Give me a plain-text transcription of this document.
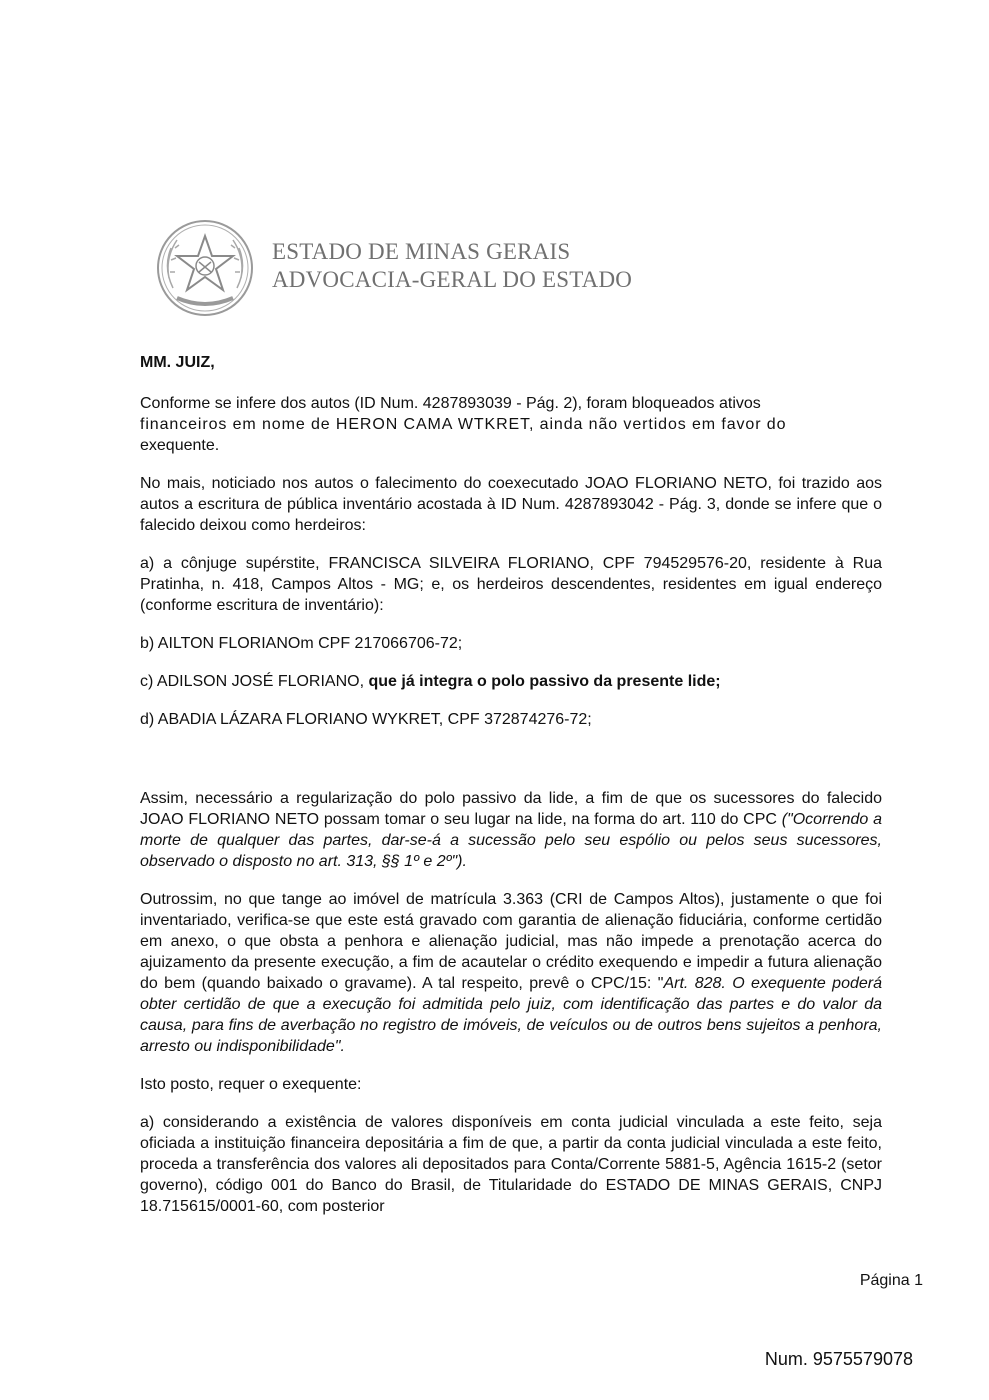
ESTADO DE MINAS GERAIS
ADVOCACIA-GERAL DO ESTADO

MM. JUIZ,

Conforme se infere dos autos (ID Num. 4287893039 - Pág. 2), foram bloqueados ativos
financeiros em nome de HERON CAMA WTKRET, ainda não vertidos em favor do
exequente.

No mais, noticiado nos autos o falecimento do coexecutado JOAO FLORIANO NETO, foi trazido aos autos a escritura de pública inventário acostada à ID Num. 4287893042 - Pág. 3, donde se infere que o falecido deixou como herdeiros:

a) a cônjuge supérstite, FRANCISCA SILVEIRA FLORIANO, CPF 794529576-20, residente à Rua Pratinha, n. 418, Campos Altos - MG; e, os herdeiros descendentes, residentes em igual endereço (conforme escritura de inventário):

b) AILTON FLORIANOm CPF 217066706-72;

c) ADILSON JOSÉ FLORIANO, que já integra o polo passivo da presente lide;

d) ABADIA LÁZARA FLORIANO WYKRET, CPF 372874276-72;

Assim, necessário a regularização do polo passivo da lide, a fim de que os sucessores do falecido JOAO FLORIANO NETO possam tomar o seu lugar na lide, na forma do art. 110 do CPC ("Ocorrendo a morte de qualquer das partes, dar-se-á a sucessão pelo seu espólio ou pelos seus sucessores, observado o disposto no art. 313, §§ 1º e 2º").

Outrossim, no que tange ao imóvel de matrícula 3.363 (CRI de Campos Altos), justamente o que foi inventariado, verifica-se que este está gravado com garantia de alienação fiduciária, conforme certidão em anexo, o que obsta a penhora e alienação judicial, mas não impede a prenotação acerca do ajuizamento da presente execução, a fim de acautelar o crédito exequendo e impedir a futura alienação do bem (quando baixado o gravame). A tal respeito, prevê o CPC/15: "Art. 828. O exequente poderá obter certidão de que a execução foi admitida pelo juiz, com identificação das partes e do valor da causa, para fins de averbação no registro de imóveis, de veículos ou de outros bens sujeitos a penhora, arresto ou indisponibilidade".

Isto posto, requer o exequente:

a) considerando a existência de valores disponíveis em conta judicial vinculada a este feito, seja oficiada a instituição financeira depositária a fim de que, a partir da conta judicial vinculada a este feito, proceda a transferência dos valores ali depositados para Conta/Corrente 5881-5, Agência 1615-2 (setor governo), código 001 do Banco do Brasil, de Titularidade do ESTADO DE MINAS GERAIS, CNPJ 18.715615/0001-60, com posterior

Página 1
Num. 9575579078
